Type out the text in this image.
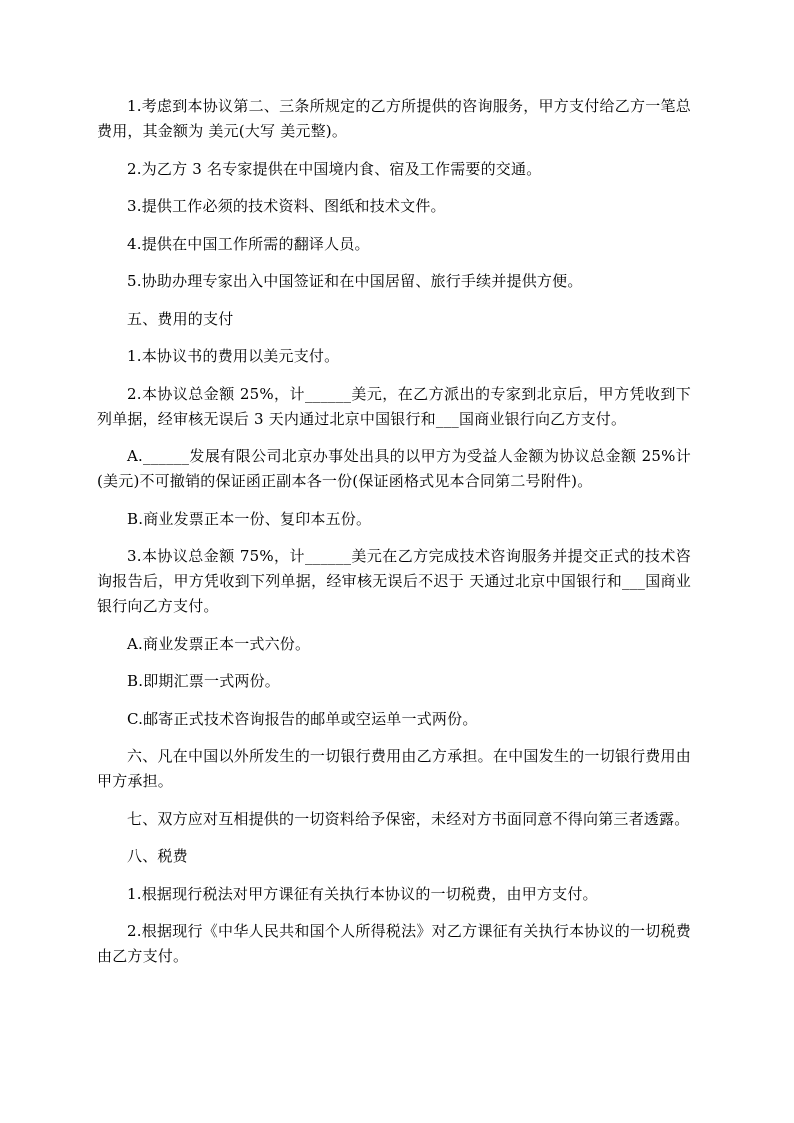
1.考虑到本协议第二、三条所规定的乙方所提供的咨询服务，甲方支付给乙方一笔总费用，其金额为 美元(大写 美元整)。

2.为乙方 3 名专家提供在中国境内食、宿及工作需要的交通。

3.提供工作必须的技术资料、图纸和技术文件。

4.提供在中国工作所需的翻译人员。

5.协助办理专家出入中国签证和在中国居留、旅行手续并提供方便。

五、费用的支付

1.本协议书的费用以美元支付。

2.本协议总金额 25%，计______美元，在乙方派出的专家到北京后，甲方凭收到下列单据，经审核无误后 3 天内通过北京中国银行和___国商业银行向乙方支付。

A.______发展有限公司北京办事处出具的以甲方为受益人金额为协议总金额 25%计(美元)不可撤销的保证函正副本各一份(保证函格式见本合同第二号附件)。

B.商业发票正本一份、复印本五份。

3.本协议总金额 75%，计______美元在乙方完成技术咨询服务并提交正式的技术咨询报告后，甲方凭收到下列单据，经审核无误后不迟于 天通过北京中国银行和___国商业银行向乙方支付。

A.商业发票正本一式六份。

B.即期汇票一式两份。

C.邮寄正式技术咨询报告的邮单或空运单一式两份。

六、凡在中国以外所发生的一切银行费用由乙方承担。在中国发生的一切银行费用由甲方承担。

七、双方应对互相提供的一切资料给予保密，未经对方书面同意不得向第三者透露。

八、税费

1.根据现行税法对甲方课征有关执行本协议的一切税费，由甲方支付。

2.根据现行《中华人民共和国个人所得税法》对乙方课征有关执行本协议的一切税费由乙方支付。
